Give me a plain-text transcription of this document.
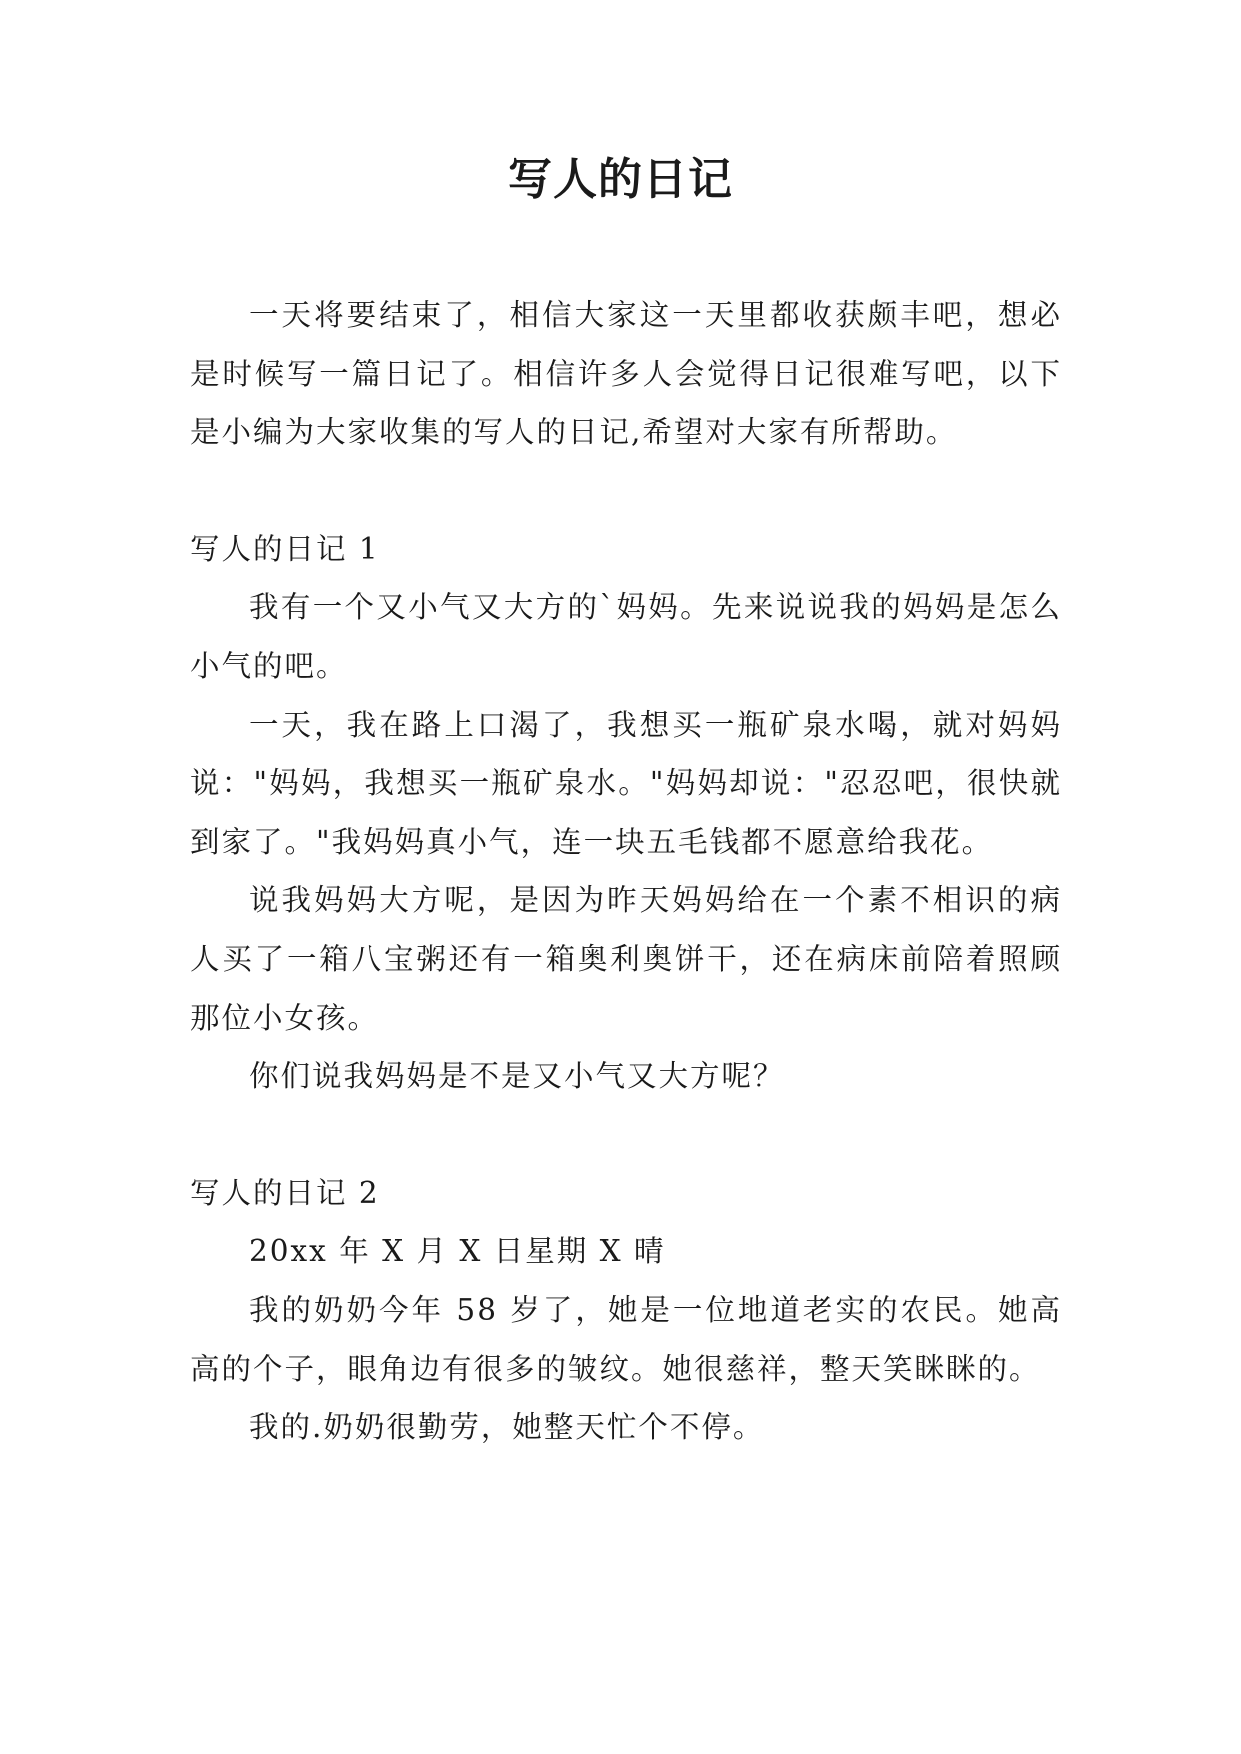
写人的日记

一天将要结束了，相信大家这一天里都收获颇丰吧，想必是时候写一篇日记了。相信许多人会觉得日记很难写吧，以下是小编为大家收集的写人的日记,希望对大家有所帮助。

写人的日记 1

我有一个又小气又大方的`妈妈。先来说说我的妈妈是怎么小气的吧。

一天，我在路上口渴了，我想买一瓶矿泉水喝，就对妈妈说："妈妈，我想买一瓶矿泉水。"妈妈却说："忍忍吧，很快就到家了。"我妈妈真小气，连一块五毛钱都不愿意给我花。

说我妈妈大方呢，是因为昨天妈妈给在一个素不相识的病人买了一箱八宝粥还有一箱奥利奥饼干，还在病床前陪着照顾那位小女孩。

你们说我妈妈是不是又小气又大方呢？

写人的日记 2

20xx 年 X 月 X 日星期 X 晴

我的奶奶今年 58 岁了，她是一位地道老实的农民。她高高的个子，眼角边有很多的皱纹。她很慈祥，整天笑眯眯的。

我的.奶奶很勤劳，她整天忙个不停。
